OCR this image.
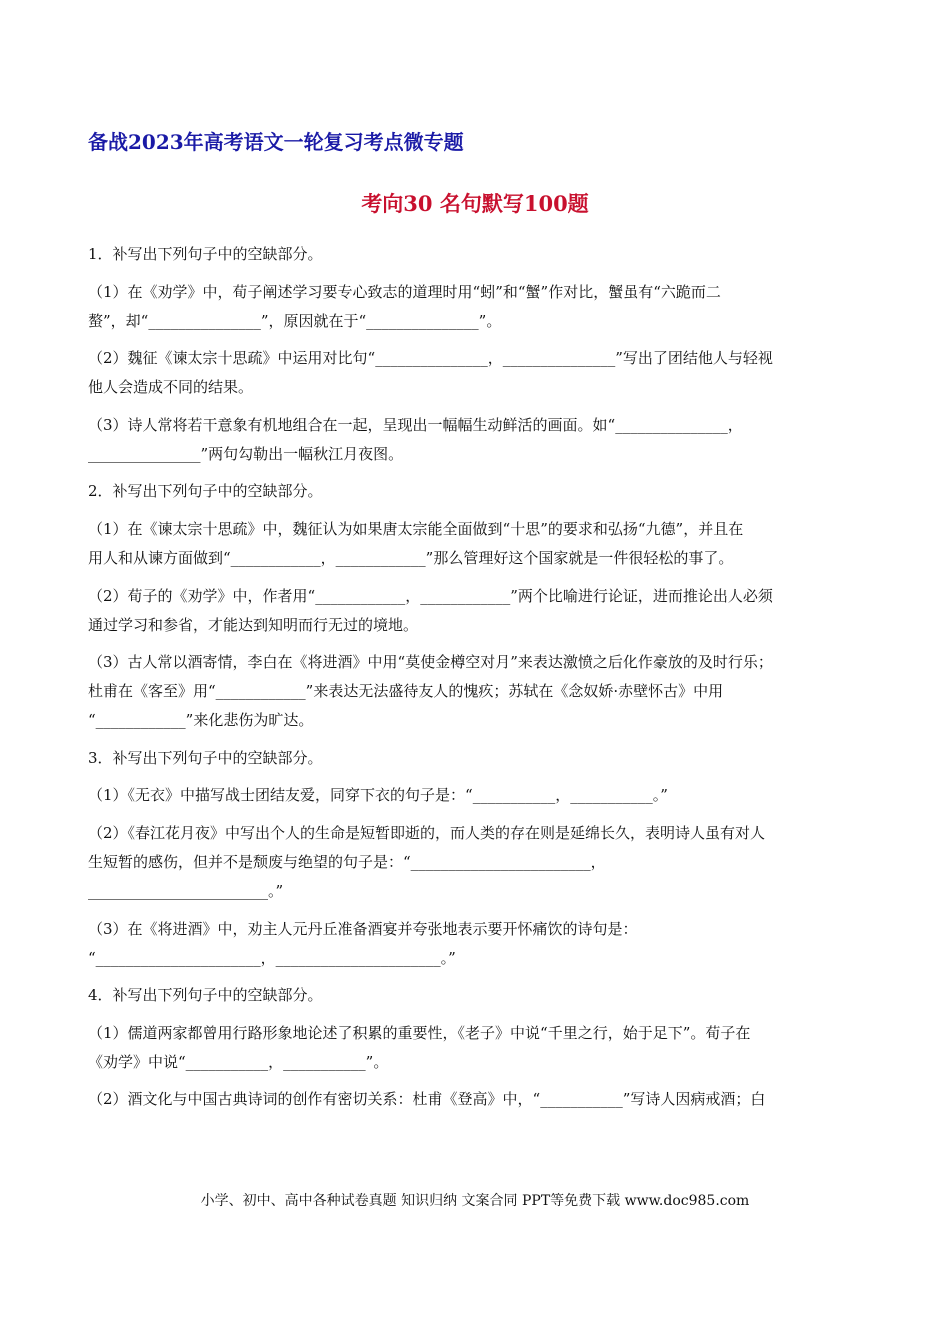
备战2023年高考语文一轮复习考点微专题
考向30 名句默写100题
1．补写出下列句子中的空缺部分。
（1）在《劝学》中，荀子阐述学习要专心致志的道理时用“蚓”和“蟹”作对比，蟹虽有“六跪而二
螯”，却“_______________”，原因就在于“_______________”。
（2）魏征《谏太宗十思疏》中运用对比句“_______________，_______________”写出了团结他人与轻视
他人会造成不同的结果。
（3）诗人常将若干意象有机地组合在一起，呈现出一幅幅生动鲜活的画面。如“_______________，
_______________”两句勾勒出一幅秋江月夜图。
2．补写出下列句子中的空缺部分。
（1）在《谏太宗十思疏》中，魏征认为如果唐太宗能全面做到“十思”的要求和弘扬“九德”，并且在
用人和从谏方面做到“____________，____________”那么管理好这个国家就是一件很轻松的事了。
（2）荀子的《劝学》中，作者用“____________，____________”两个比喻进行论证，进而推论出人必须
通过学习和参省，才能达到知明而行无过的境地。
（3）古人常以酒寄情，李白在《将进酒》中用“莫使金樽空对月”来表达激愤之后化作豪放的及时行乐；
杜甫在《客至》用“____________”来表达无法盛待友人的愧疚；苏轼在《念奴娇·赤壁怀古》中用
“____________”来化悲伤为旷达。
3．补写出下列句子中的空缺部分。
（1）《无衣》中描写战士团结友爱，同穿下衣的句子是：“___________，___________。”
（2）《春江花月夜》中写出个人的生命是短暂即逝的，而人类的存在则是延绵长久，表明诗人虽有对人
生短暂的感伤，但并不是颓废与绝望的句子是：“________________________，
________________________。”
（3）在《将进酒》中，劝主人元丹丘准备酒宴并夸张地表示要开怀痛饮的诗句是：
“______________________，______________________。”
4．补写出下列句子中的空缺部分。
（1）儒道两家都曾用行路形象地论述了积累的重要性，《老子》中说“千里之行，始于足下”。荀子在
《劝学》中说“___________，___________”。
（2）酒文化与中国古典诗词的创作有密切关系：杜甫《登高》中，“___________”写诗人因病戒酒；白
小学、初中、高中各种试卷真题 知识归纳 文案合同 PPT等免费下载 www.doc985.com
